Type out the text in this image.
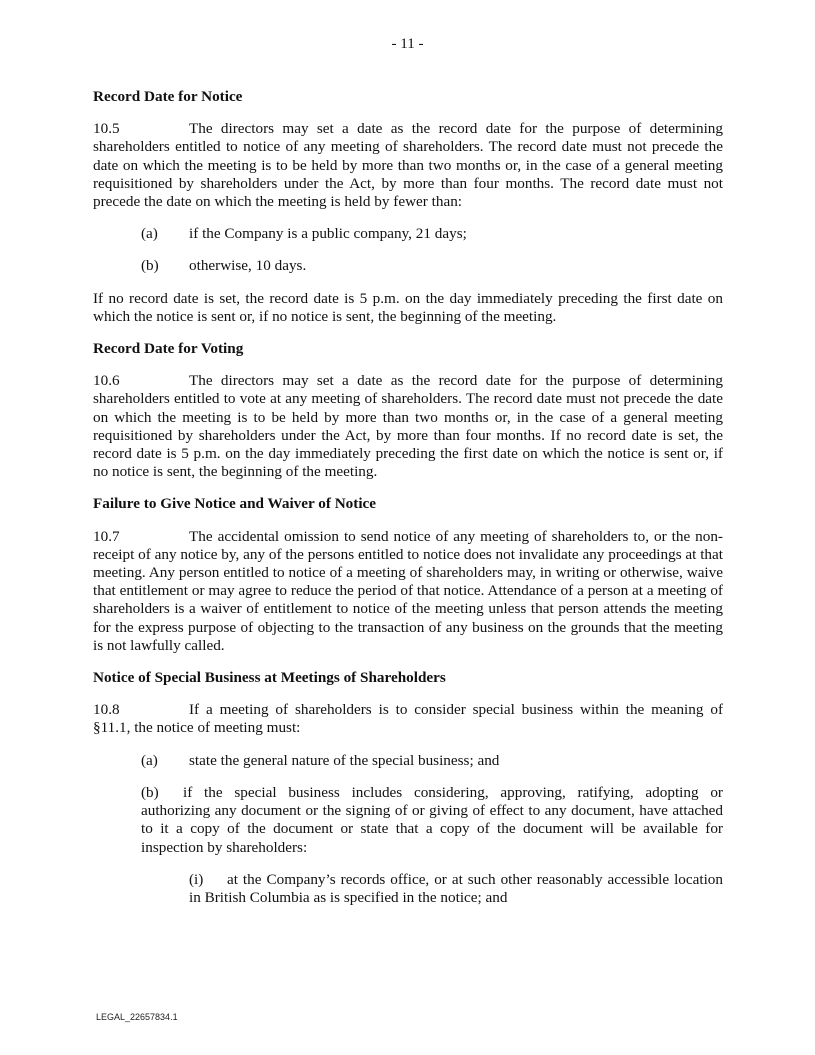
- 11 -
Record Date for Notice

10.5	The directors may set a date as the record date for the purpose of determining shareholders entitled to notice of any meeting of shareholders. The record date must not precede the date on which the meeting is to be held by more than two months or, in the case of a general meeting requisitioned by shareholders under the Act, by more than four months. The record date must not precede the date on which the meeting is held by fewer than:

(a)	if the Company is a public company, 21 days;
(b)	otherwise, 10 days.

If no record date is set, the record date is 5 p.m. on the day immediately preceding the first date on which the notice is sent or, if no notice is sent, the beginning of the meeting.

Record Date for Voting

10.6	The directors may set a date as the record date for the purpose of determining shareholders entitled to vote at any meeting of shareholders. The record date must not precede the date on which the meeting is to be held by more than two months or, in the case of a general meeting requisitioned by shareholders under the Act, by more than four months. If no record date is set, the record date is 5 p.m. on the day immediately preceding the first date on which the notice is sent or, if no notice is sent, the beginning of the meeting.

Failure to Give Notice and Waiver of Notice

10.7	The accidental omission to send notice of any meeting of shareholders to, or the non-receipt of any notice by, any of the persons entitled to notice does not invalidate any proceedings at that meeting. Any person entitled to notice of a meeting of shareholders may, in writing or otherwise, waive that entitlement or may agree to reduce the period of that notice. Attendance of a person at a meeting of shareholders is a waiver of entitlement to notice of the meeting unless that person attends the meeting for the express purpose of objecting to the transaction of any business on the grounds that the meeting is not lawfully called.

Notice of Special Business at Meetings of Shareholders

10.8	If a meeting of shareholders is to consider special business within the meaning of §11.1, the notice of meeting must:

(a)	state the general nature of the special business; and

(b) if the special business includes considering, approving, ratifying, adopting or authorizing any document or the signing of or giving of effect to any document, have attached to it a copy of the document or state that a copy of the document will be available for inspection by shareholders:

(i) at the Company’s records office, or at such other reasonably accessible location in British Columbia as is specified in the notice; and

LEGAL_22657834.1
